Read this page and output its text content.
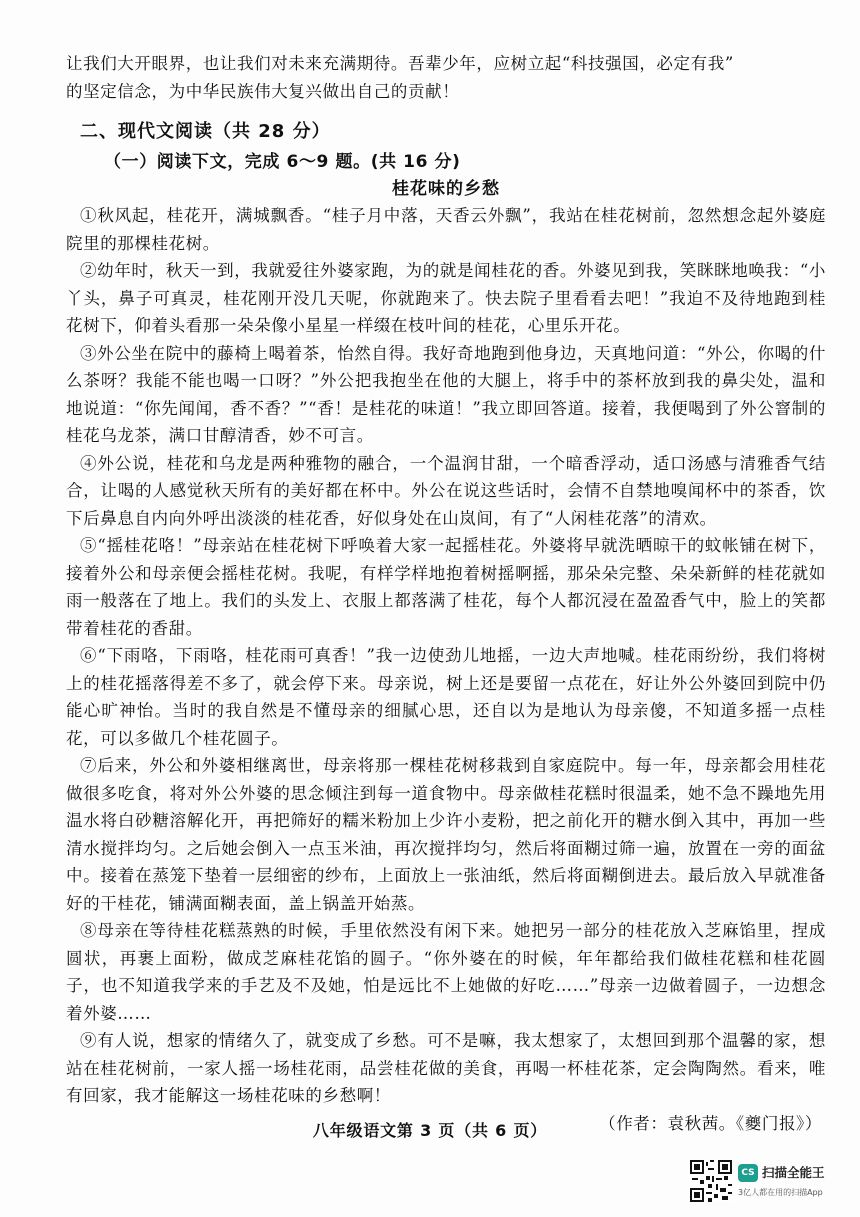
让我们大开眼界，也让我们对未来充满期待。吾辈少年，应树立起“科技强国，必定有我”

的坚定信念，为中华民族伟大复兴做出自己的贡献！

二、现代文阅读（共 28 分）
（一）阅读下文，完成 6～9 题。(共 16 分)
桂花味的乡愁

①秋风起，桂花开，满城飘香。“桂子月中落，天香云外飘”，我站在桂花树前，忽然想念起外婆庭院里的那棵桂花树。

②幼年时，秋天一到，我就爱往外婆家跑，为的就是闻桂花的香。外婆见到我，笑眯眯地唤我：“小丫头，鼻子可真灵，桂花刚开没几天呢，你就跑来了。快去院子里看看去吧！”我迫不及待地跑到桂花树下，仰着头看那一朵朵像小星星一样缀在枝叶间的桂花，心里乐开花。

③外公坐在院中的藤椅上喝着茶，怡然自得。我好奇地跑到他身边，天真地问道：“外公，你喝的什么茶呀？我能不能也喝一口呀？”外公把我抱坐在他的大腿上，将手中的茶杯放到我的鼻尖处，温和地说道：“你先闻闻，香不香？”“香！是桂花的味道！”我立即回答道。接着，我便喝到了外公窨制的桂花乌龙茶，满口甘醇清香，妙不可言。

④外公说，桂花和乌龙是两种雅物的融合，一个温润甘甜，一个暗香浮动，适口汤感与清雅香气结合，让喝的人感觉秋天所有的美好都在杯中。外公在说这些话时，会情不自禁地嗅闻杯中的茶香，饮下后鼻息自内向外呼出淡淡的桂花香，好似身处在山岚间，有了“人闲桂花落”的清欢。

⑤“摇桂花咯！”母亲站在桂花树下呼唤着大家一起摇桂花。外婆将早就洗晒晾干的蚊帐铺在树下，接着外公和母亲便会摇桂花树。我呢，有样学样地抱着树摇啊摇，那朵朵完整、朵朵新鲜的桂花就如雨一般落在了地上。我们的头发上、衣服上都落满了桂花，每个人都沉浸在盈盈香气中，脸上的笑都带着桂花的香甜。

⑥“下雨咯，下雨咯，桂花雨可真香！”我一边使劲儿地摇，一边大声地喊。桂花雨纷纷，我们将树上的桂花摇落得差不多了，就会停下来。母亲说，树上还是要留一点花在，好让外公外婆回到院中仍能心旷神怡。当时的我自然是不懂母亲的细腻心思，还自以为是地认为母亲傻，不知道多摇一点桂花，可以多做几个桂花圆子。

⑦后来，外公和外婆相继离世，母亲将那一棵桂花树移栽到自家庭院中。每一年，母亲都会用桂花做很多吃食，将对外公外婆的思念倾注到每一道食物中。母亲做桂花糕时很温柔，她不急不躁地先用温水将白砂糖溶解化开，再把筛好的糯米粉加上少许小麦粉，把之前化开的糖水倒入其中，再加一些清水搅拌均匀。之后她会倒入一点玉米油，再次搅拌均匀，然后将面糊过筛一遍，放置在一旁的面盆中。接着在蒸笼下垫着一层细密的纱布，上面放上一张油纸，然后将面糊倒进去。最后放入早就准备好的干桂花，铺满面糊表面，盖上锅盖开始蒸。

⑧母亲在等待桂花糕蒸熟的时候，手里依然没有闲下来。她把另一部分的桂花放入芝麻馅里，捏成圆状，再裹上面粉，做成芝麻桂花馅的圆子。“你外婆在的时候，年年都给我们做桂花糕和桂花圆子，也不知道我学来的手艺及不及她，怕是远比不上她做的好吃……”母亲一边做着圆子，一边想念着外婆……

⑨有人说，想家的情绪久了，就变成了乡愁。可不是嘛，我太想家了，太想回到那个温馨的家，想站在桂花树前，一家人摇一场桂花雨，品尝桂花做的美食，再喝一杯桂花茶，定会陶陶然。看来，唯有回家，我才能解这一场桂花味的乡愁啊！

（作者：袁秋茜。《夔门报》）
八年级语文第 3 页（共 6 页）
CS 扫描全能王
3亿人都在用的扫描App
